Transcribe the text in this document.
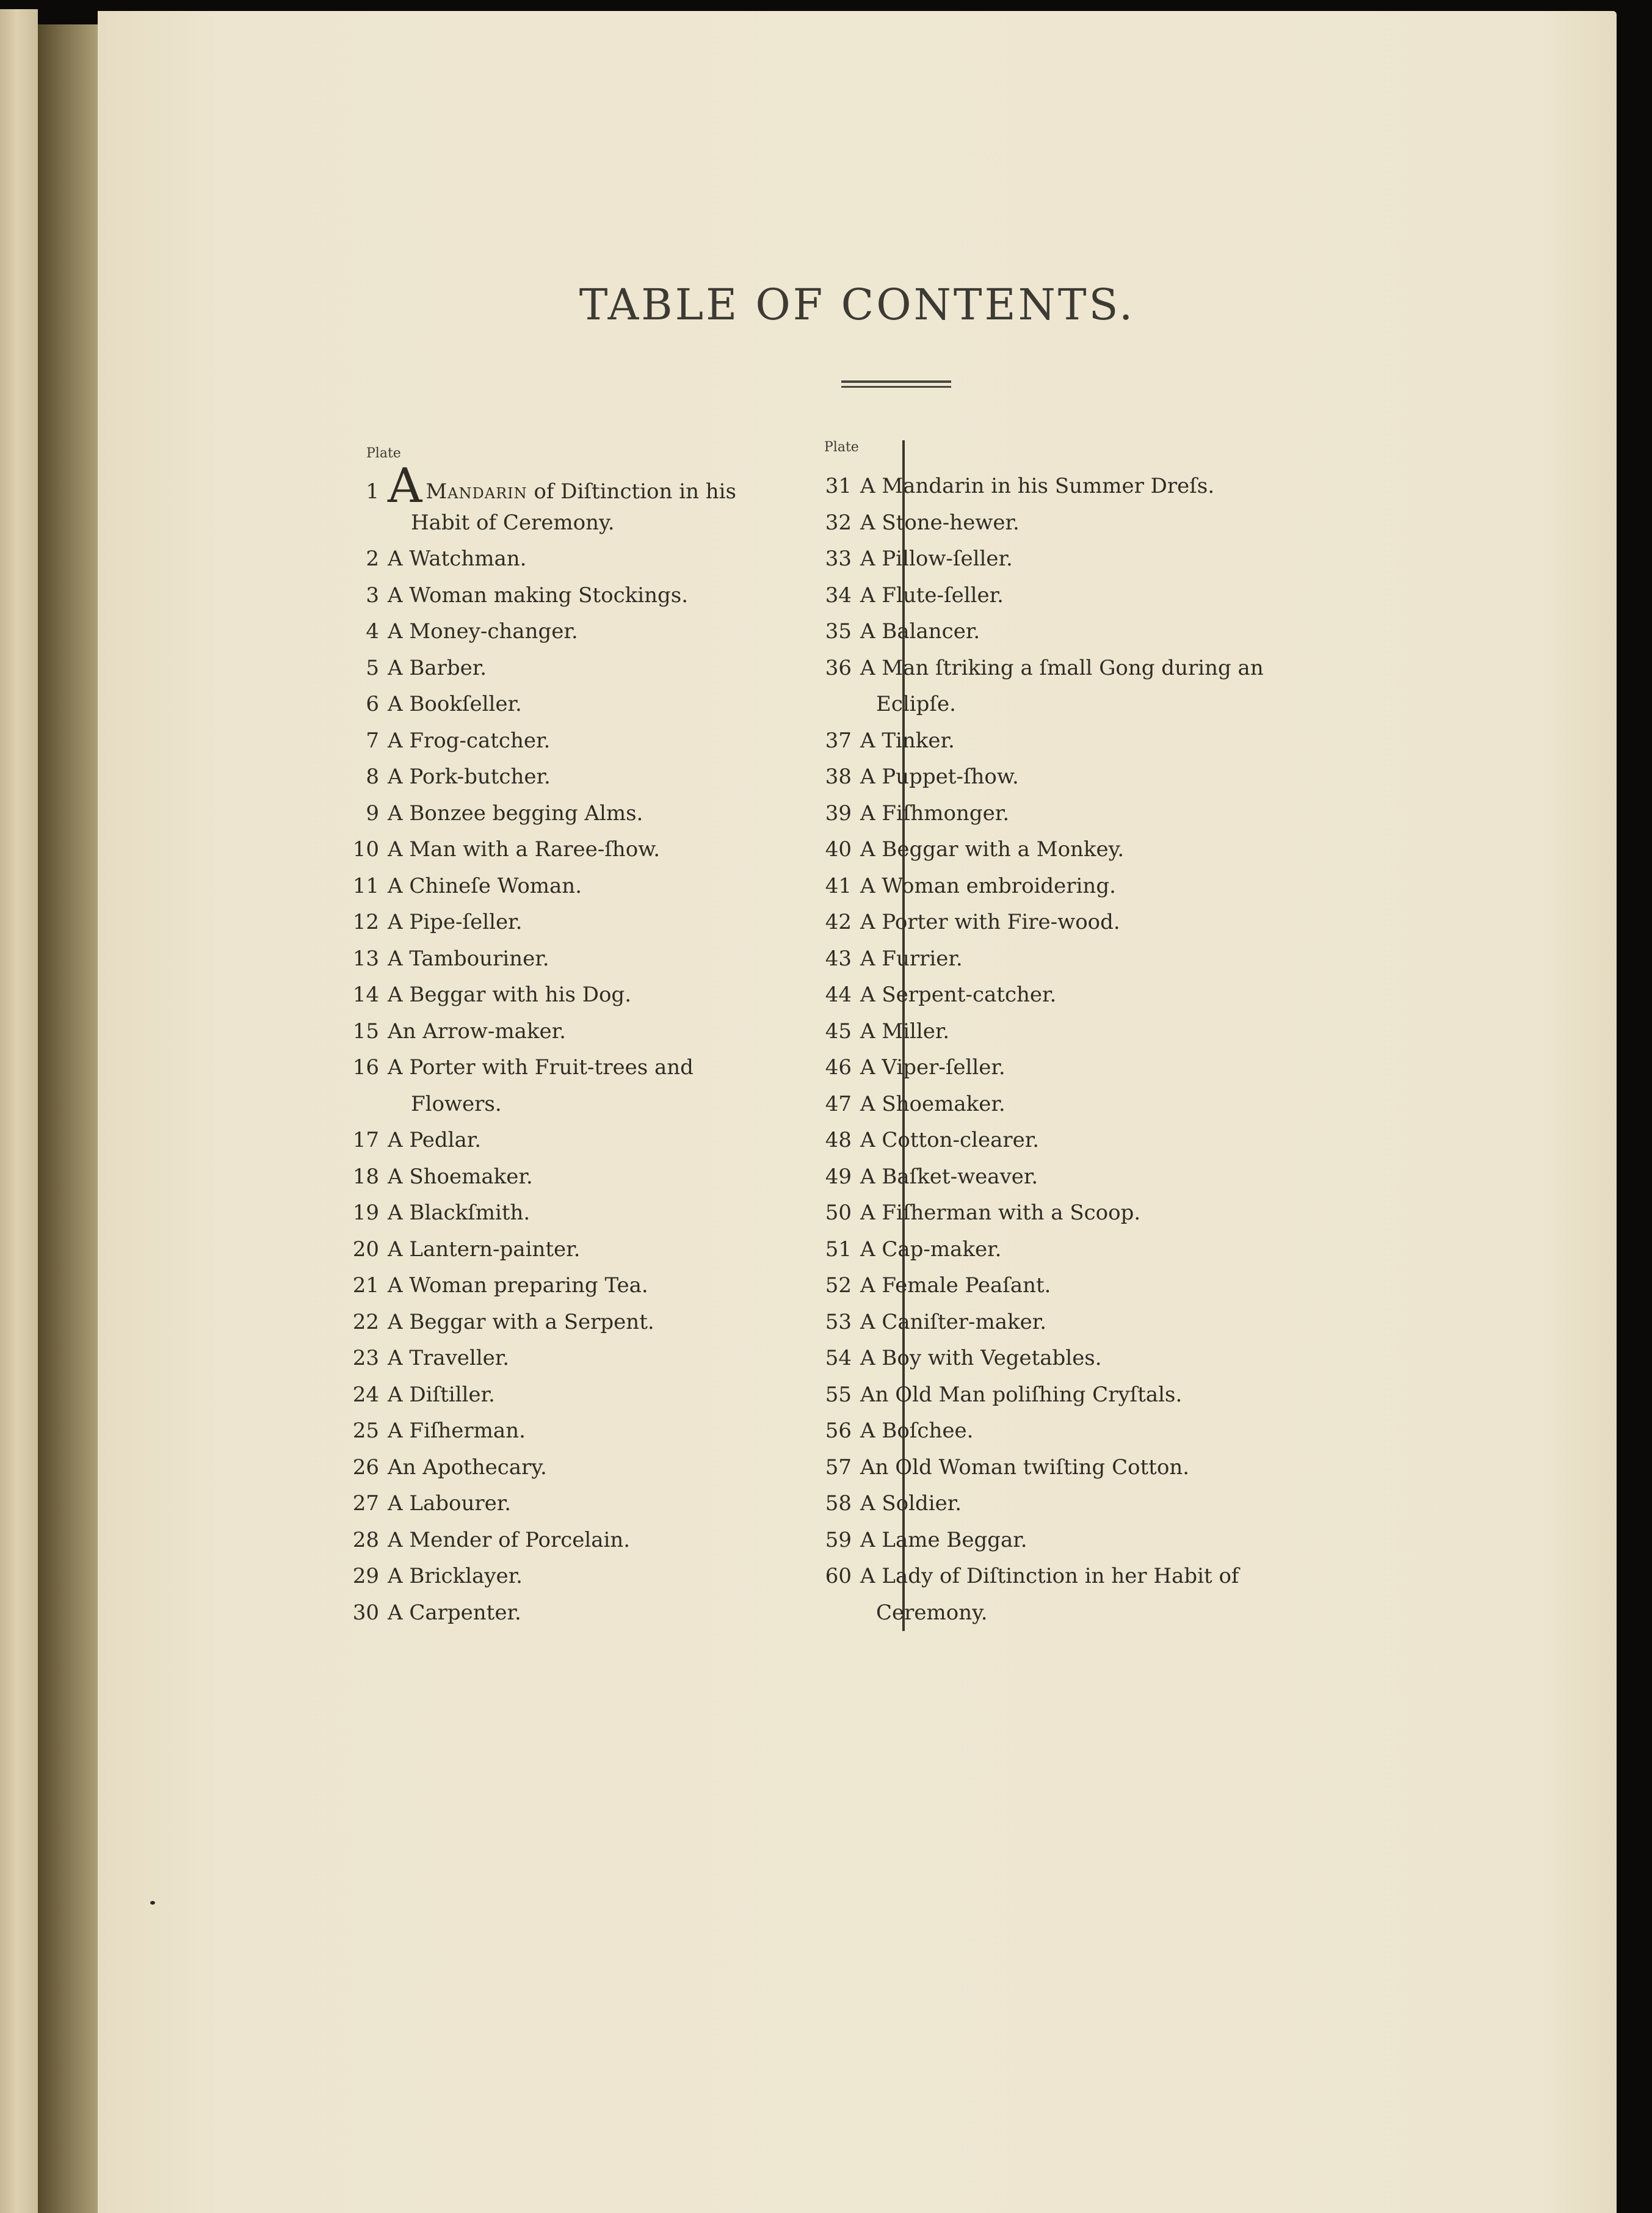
TABLE OF CONTENTS.
Plate	Plate
1 A Mandarin of Diſtinction in his
Habit of Ceremony.
2 A Watchman.
3 A Woman making Stockings.
4 A Money-changer.
5 A Barber.
6 A Bookſeller.
7 A Frog-catcher.
8 A Pork-butcher.
9 A Bonzee begging Alms.
10 A Man with a Raree-ſhow.
11 A Chineſe Woman.
12 A Pipe-ſeller.
13 A Tambouriner.
14 A Beggar with his Dog.
15 An Arrow-maker.
16 A Porter with Fruit-trees and
Flowers.
17 A Pedlar.
18 A Shoemaker.
19 A Blackſmith.
20 A Lantern-painter.
21 A Woman preparing Tea.
22 A Beggar with a Serpent.
23 A Traveller.
24 A Diſtiller.
25 A Fiſherman.
26 An Apothecary.
27 A Labourer.
28 A Mender of Porcelain.
29 A Bricklayer.
30 A Carpenter.
31 A Mandarin in his Summer Dreſs.
32 A Stone-hewer.
33 A Pillow-ſeller.
34 A Flute-ſeller.
35 A Balancer.
36 A Man ſtriking a ſmall Gong during an
Eclipſe.
37 A Tinker.
38 A Puppet-ſhow.
39 A Fiſhmonger.
40 A Beggar with a Monkey.
41 A Woman embroidering.
42 A Porter with Fire-wood.
43 A Furrier.
44 A Serpent-catcher.
45 A Miller.
46 A Viper-ſeller.
47 A Shoemaker.
48 A Cotton-clearer.
49 A Baſket-weaver.
50 A Fiſherman with a Scoop.
51 A Cap-maker.
52 A Female Peaſant.
53 A Caniſter-maker.
54 A Boy with Vegetables.
55 An Old Man poliſhing Cryſtals.
56 A Boſchee.
57 An Old Woman twiſting Cotton.
58 A Soldier.
59 A Lame Beggar.
60 A Lady of Diſtinction in her Habit of
Ceremony.
